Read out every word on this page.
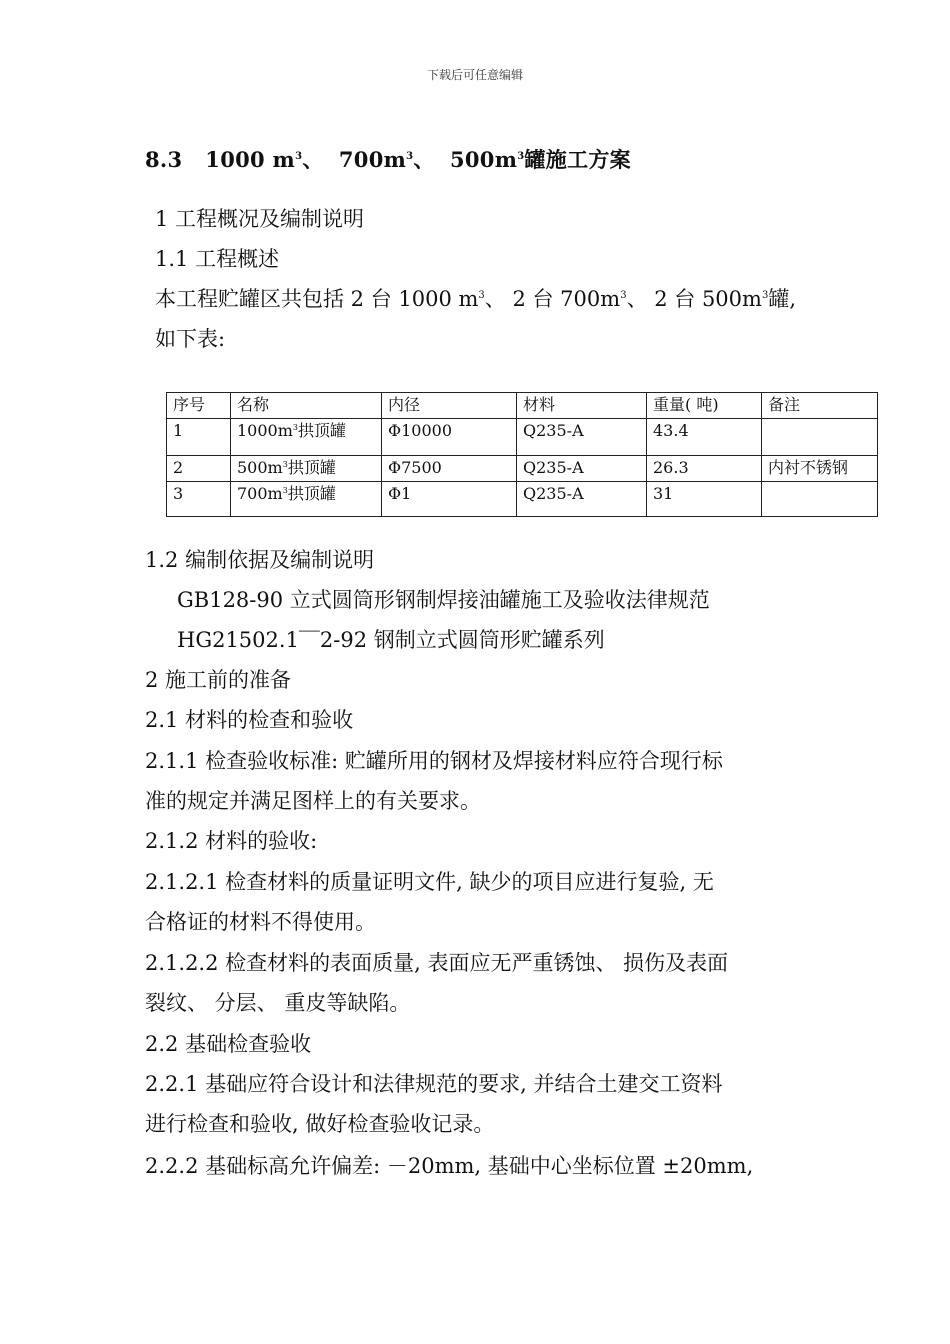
下载后可任意编辑
8.3 1000 $m^3$、 $700m^3$、 $500m^3$罐施工方案
1 工程概况及编制说明
1.1 工程概述
本工程贮罐区共包括 2 台 1000 $m^3$、 2 台 $700m^3$、 2 台 $500m^3$罐,
如下表:
序号	名称	内径	材料	重量( 吨)	备注
1	$1000m^3$拱顶罐	Φ10000	Q235-A	43.4	
2	$500m^3$拱顶罐	Φ7500	Q235-A	26.3	内衬不锈钢
3	$700m^3$拱顶罐	Φ1	Q235-A	31	
1.2 编制依据及编制说明
GB128-90 立式圆筒形钢制焊接油罐施工及验收法律规范
HG21502.1‾‾2-92 钢制立式圆筒形贮罐系列
2 施工前的准备
2.1 材料的检查和验收
2.1.1 检查验收标准: 贮罐所用的钢材及焊接材料应符合现行标
准的规定并满足图样上的有关要求。
2.1.2 材料的验收:
2.1.2.1 检查材料的质量证明文件, 缺少的项目应进行复验, 无
合格证的材料不得使用。
2.1.2.2 检查材料的表面质量, 表面应无严重锈蚀、 损伤及表面
裂纹、 分层、 重皮等缺陷。
2.2 基础检查验收
2.2.1 基础应符合设计和法律规范的要求, 并结合土建交工资料
进行检查和验收, 做好检查验收记录。
2.2.2 基础标高允许偏差: －20mm, 基础中心坐标位置 ±20mm,
